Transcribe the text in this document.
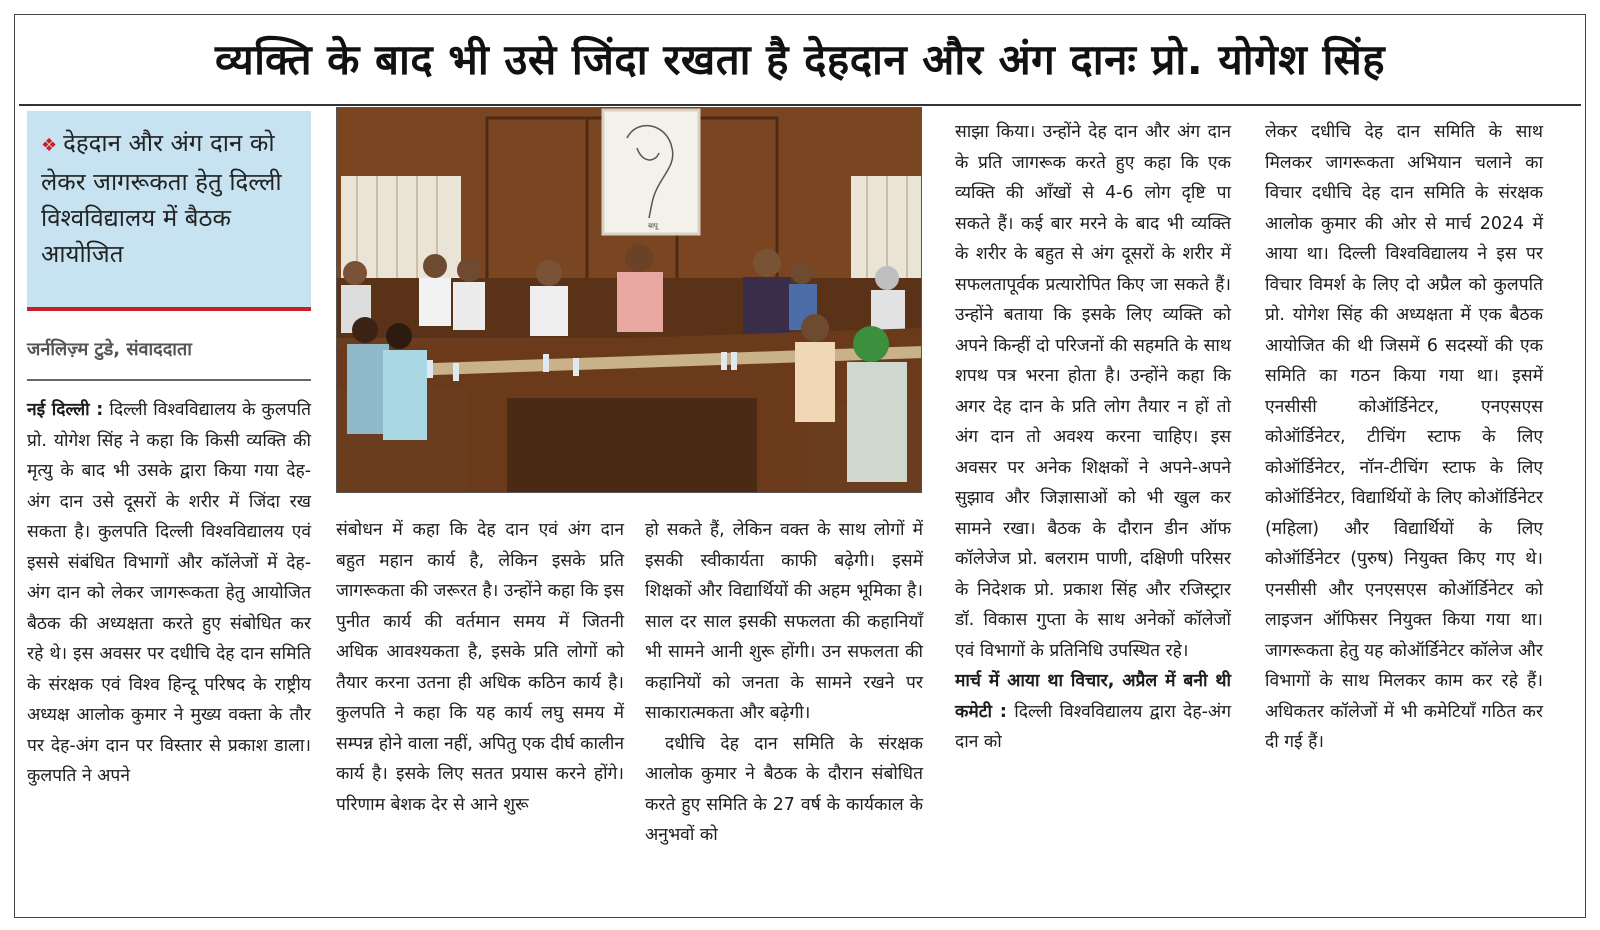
व्यक्ति के बाद भी उसे जिंदा रखता है देहदान और अंग दानः प्रो. योगेश सिंह
❖ देहदान और अंग दान को लेकर जागरूकता हेतु दिल्ली विश्वविद्यालय में बैठक आयोजित
जर्नलिज़्म टुडे, संवाददाता

नई दिल्ली : दिल्ली विश्वविद्यालय के कुलपति प्रो. योगेश सिंह ने कहा कि किसी व्यक्ति की मृत्यु के बाद भी उसके द्वारा किया गया देह-अंग दान उसे दूसरों के शरीर में जिंदा रख सकता है। कुलपति दिल्ली विश्वविद्यालय एवं इससे संबंधित विभागों और कॉलेजों में देह-अंग दान को लेकर जागरूकता हेतु आयोजित बैठक की अध्यक्षता करते हुए संबोधित कर रहे थे। इस अवसर पर दधीचि देह दान समिति के संरक्षक एवं विश्व हिन्दू परिषद के राष्ट्रीय अध्यक्ष आलोक कुमार ने मुख्य वक्ता के तौर पर देह-अंग दान पर विस्तार से प्रकाश डाला। कुलपति ने अपने

बापू

संबोधन में कहा कि देह दान एवं अंग दान बहुत महान कार्य है, लेकिन इसके प्रति जागरूकता की जरूरत है। उन्होंने कहा कि इस पुनीत कार्य की वर्तमान समय में जितनी अधिक आवश्यकता है, इसके प्रति लोगों को तैयार करना उतना ही अधिक कठिन कार्य है। कुलपति ने कहा कि यह कार्य लघु समय में सम्पन्न होने वाला नहीं, अपितु एक दीर्घ कालीन कार्य है। इसके लिए सतत प्रयास करने होंगे। परिणाम बेशक देर से आने शुरू

हो सकते हैं, लेकिन वक्त के साथ लोगों में इसकी स्वीकार्यता काफी बढ़ेगी। इसमें शिक्षकों और विद्यार्थियों की अहम भूमिका है। साल दर साल इसकी सफलता की कहानियाँ भी सामने आनी शुरू होंगी। उन सफलता की कहानियों को जनता के सामने रखने पर साकारात्मकता और बढ़ेगी।

दधीचि देह दान समिति के संरक्षक आलोक कुमार ने बैठक के दौरान संबोधित करते हुए समिति के 27 वर्ष के कार्यकाल के अनुभवों को

साझा किया। उन्होंने देह दान और अंग दान के प्रति जागरूक करते हुए कहा कि एक व्यक्ति की आँखों से 4-6 लोग दृष्टि पा सकते हैं। कई बार मरने के बाद भी व्यक्ति के शरीर के बहुत से अंग दूसरों के शरीर में सफलतापूर्वक प्रत्यारोपित किए जा सकते हैं। उन्होंने बताया कि इसके लिए व्यक्ति को अपने किन्हीं दो परिजनों की सहमति के साथ शपथ पत्र भरना होता है। उन्होंने कहा कि अगर देह दान के प्रति लोग तैयार न हों तो अंग दान तो अवश्य करना चाहिए। इस अवसर पर अनेक शिक्षकों ने अपने-अपने सुझाव और जिज्ञासाओं को भी खुल कर सामने रखा। बैठक के दौरान डीन ऑफ कॉलेजेज प्रो. बलराम पाणी, दक्षिणी परिसर के निदेशक प्रो. प्रकाश सिंह और रजिस्ट्रार डॉ. विकास गुप्ता के साथ अनेकों कॉलेजों एवं विभागों के प्रतिनिधि उपस्थित रहे।

मार्च में आया था विचार, अप्रैल में बनी थी कमेटी : दिल्ली विश्वविद्यालय द्वारा देह-अंग दान को

लेकर दधीचि देह दान समिति के साथ मिलकर जागरूकता अभियान चलाने का विचार दधीचि देह दान समिति के संरक्षक आलोक कुमार की ओर से मार्च 2024 में आया था। दिल्ली विश्वविद्यालय ने इस पर विचार विमर्श के लिए दो अप्रैल को कुलपति प्रो. योगेश सिंह की अध्यक्षता में एक बैठक आयोजित की थी जिसमें 6 सदस्यों की एक समिति का गठन किया गया था। इसमें एनसीसी कोऑर्डिनेटर, एनएसएस कोऑर्डिनेटर, टीचिंग स्टाफ के लिए कोऑर्डिनेटर, नॉन-टीचिंग स्टाफ के लिए कोऑर्डिनेटर, विद्यार्थियों के लिए कोऑर्डिनेटर (महिला) और विद्यार्थियों के लिए कोऑर्डिनेटर (पुरुष) नियुक्त किए गए थे। एनसीसी और एनएसएस कोऑर्डिनेटर को लाइजन ऑफिसर नियुक्त किया गया था। जागरूकता हेतु यह कोऑर्डिनेटर कॉलेज और विभागों के साथ मिलकर काम कर रहे हैं। अधिकतर कॉलेजों में भी कमेटियाँ गठित कर दी गई हैं।
